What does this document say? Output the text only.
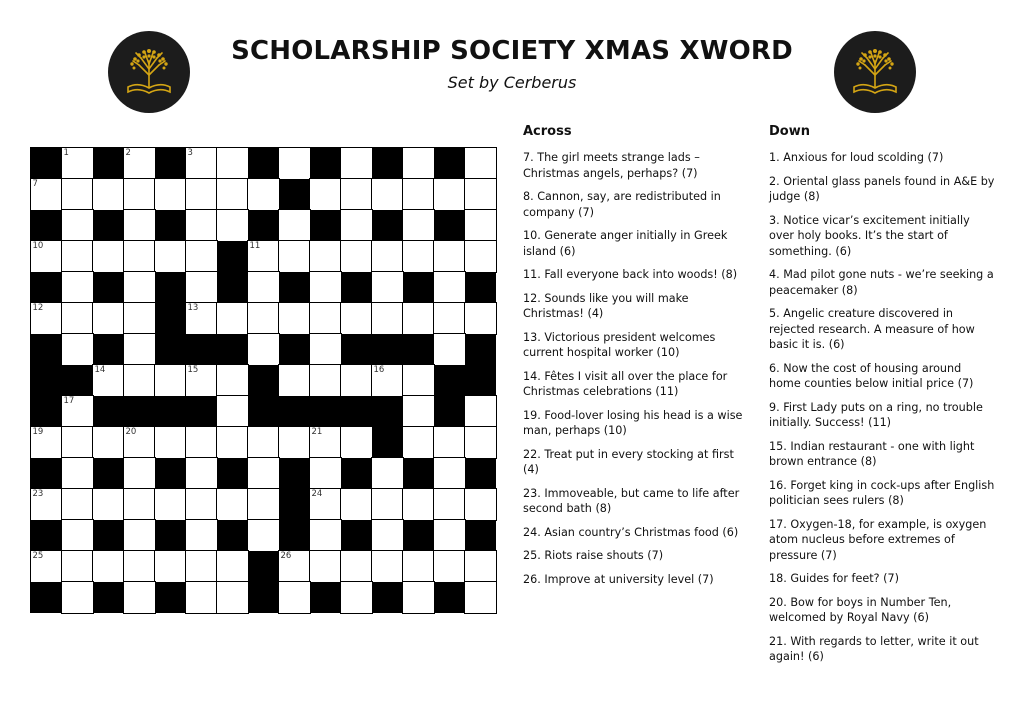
SCHOLARSHIP SOCIETY XMAS XWORD
Set by Cerberus
1	2	3
7
10	11
12	13
14	15	16
17
19	20	21
23	24
25	26
Across
7. The girl meets strange lads – Christmas angels, perhaps? (7)
8. Cannon, say, are redistributed in company (7)
10. Generate anger initially in Greek island (6)
11. Fall everyone back into woods! (8)
12. Sounds like you will make Christmas! (4)
13. Victorious president welcomes current hospital worker (10)
14. Fêtes I visit all over the place for Christmas celebrations (11)
19. Food-lover losing his head is a wise man, perhaps (10)
22. Treat put in every stocking at first (4)
23. Immoveable, but came to life after second bath (8)
24. Asian country’s Christmas food (6)
25. Riots raise shouts (7)
26. Improve at university level (7)
Down
1. Anxious for loud scolding (7)
2. Oriental glass panels found in A&E by judge (8)
3. Notice vicar’s excitement initially over holy books. It’s the start of something. (6)
4. Mad pilot gone nuts - we’re seeking a peacemaker (8)
5. Angelic creature discovered in rejected research. A measure of how basic it is. (6)
6. Now the cost of housing around home counties below initial price (7)
9. First Lady puts on a ring, no trouble initially. Success! (11)
15. Indian restaurant - one with light brown entrance (8)
16. Forget king in cock-ups after English politician sees rulers (8)
17. Oxygen-18, for example, is oxygen atom nucleus before extremes of pressure (7)
18. Guides for feet? (7)
20. Bow for boys in Number Ten, welcomed by Royal Navy (6)
21. With regards to letter, write it out again! (6)
